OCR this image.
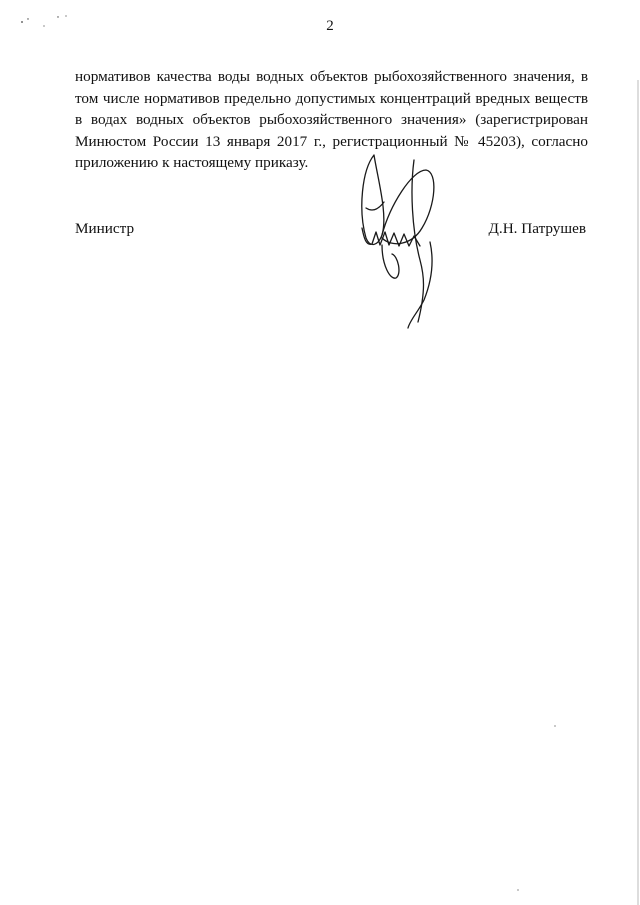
2
нормативов качества воды водных объектов рыбохозяйственного значения, в
том числе нормативов предельно допустимых концентраций вредных веществ
в водах водных объектов рыбохозяйственного значения» (зарегистрирован
Минюстом России 13 января 2017 г., регистрационный № 45203), согласно
приложению к настоящему приказу.
Министр	Д.Н. Патрушев
